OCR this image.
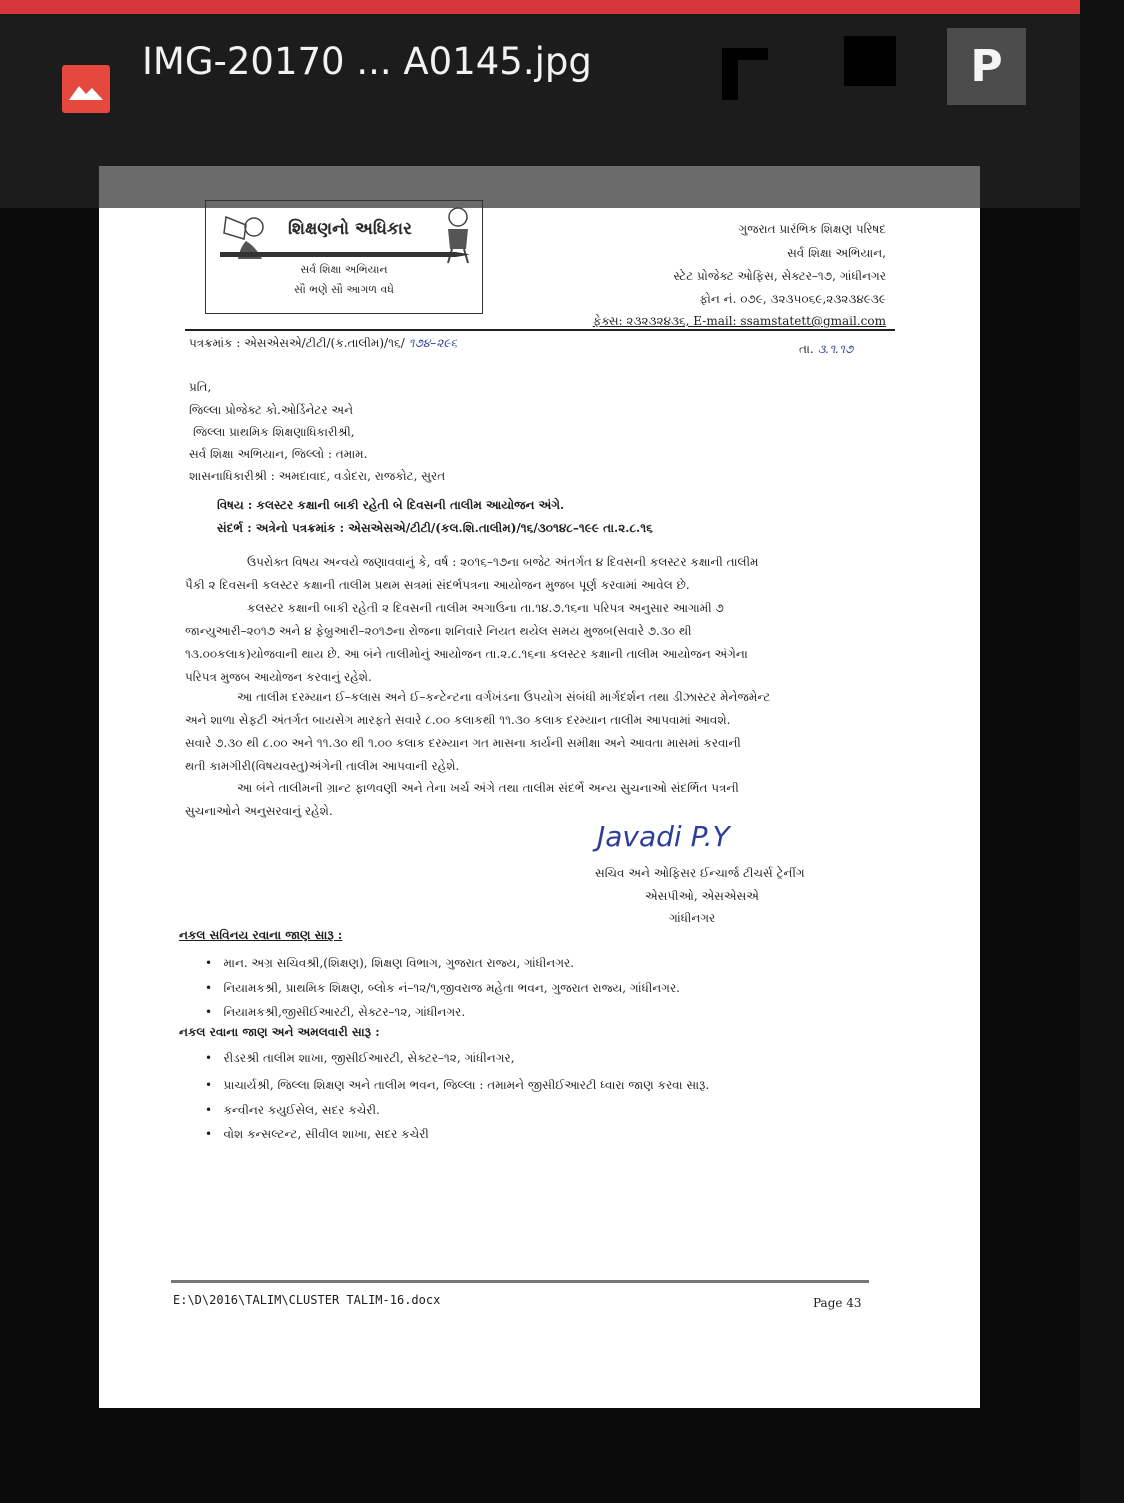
IMG-20170 ... A0145.jpg	P
શિક્ષણનો અધિકાર
સર્વ શિક્ષા અભિયાન
સૌ ભણે સૌ આગળ વધે
ગુજરાત પ્રારંભિક શિક્ષણ પરિષદ
સર્વ શિક્ષા અભિયાન,
સ્ટેટ પ્રોજેક્ટ ઓફિસ, સેક્ટર–૧૭, ગાંધીનગર
ફોન નં. ૦૭૯, ૩૨૩૫૦૬૯,૨૩૨૩૪૯૩૯
ફેક્સ: ૨૩૨૩૨૪૩૬, E-mail: ssamstatett@gmail.com
પત્રક્રમાંક : એસએસએ/ટીટી/(ક.તાલીમ)/૧૬/ ૧૭૪–૨૯૬	તા. ૩.૧.૧૭
પ્રતિ,
જિલ્લા પ્રોજેક્ટ કો.ઓર્ડિનેટર અને
જિલ્લા પ્રાથમિક શિક્ષણાધિકારીશ્રી,
સર્વ શિક્ષા અભિયાન, જિલ્લો : તમામ.
શાસનાધિકારીશ્રી : અમદાવાદ, વડોદરા, રાજકોટ, સુરત
વિષય : કલસ્ટર કક્ષાની બાકી રહેતી બે દિવસની તાલીમ આયોજન અંગે.
સંદર્ભ : અત્રેનો પત્રક્રમાંક : એસએસએ/ટીટી/(કલ.શિ.તાલીમ)/૧૬/૩૦૧૪૮–૧૯૯ તા.૨.૮.૧૬
ઉપરોક્ત વિષય અન્વયે જણાવવાનું કે, વર્ષ : ૨૦૧૬–૧૭ના બજેટ અંતર્ગત ૪ દિવસની કલસ્ટર કક્ષાની તાલીમ
પૈકી ૨ દિવસની કલસ્ટર કક્ષાની તાલીમ પ્રથમ સત્રમાં સંદર્ભપત્રના આયોજન મુજબ પૂર્ણ કરવામાં આવેલ છે.
કલસ્ટર કક્ષાની બાકી રહેતી ૨ દિવસની તાલીમ અગાઉના તા.૧૪.૭.૧૬ના પરિપત્ર અનુસાર આગામી ૭
જાન્યુઆરી–૨૦૧૭ અને ૪ ફેબ્રુઆરી–૨૦૧૭ના રોજના શનિવારે નિયત થયેલ સમય મુજબ(સવારે ૭.૩૦ થી
૧૩.૦૦કલાક)યોજવાની થાય છે. આ બંને તાલીમોનું આયોજન તા.૨.૮.૧૬ના કલસ્ટર કક્ષાની તાલીમ આયોજન અંગેના
પરિપત્ર મુજબ આયોજન કરવાનું રહેશે.
આ તાલીમ દરમ્યાન ઈ–કલાસ અને ઈ–કન્ટેન્ટના વર્ગખંડના ઉપયોગ સંબંધી માર્ગદર્શન તથા ડીઝાસ્ટર મેનેજમેન્ટ
અને શાળા સેફટી અંતર્ગત બાયસેગ મારફતે સવારે ૮.૦૦ કલાકથી ૧૧.૩૦ કલાક દરમ્યાન તાલીમ આપવામાં આવશે.
સવારે ૭.૩૦ થી ૮.૦૦ અને ૧૧.૩૦ થી ૧.૦૦ કલાક દરમ્યાન ગત માસના કાર્યની સમીક્ષા અને આવતા માસમાં કરવાની
થતી કામગીરી(વિષયવસ્તુ)અંગેની તાલીમ આપવાની રહેશે.
આ બંને તાલીમની ગ્રાન્ટ ફાળવણી અને તેના ખર્ચ અંગે તથા તાલીમ સંદર્ભે અન્ય સુચનાઓ સંદર્ભિત પત્રની
સુચનાઓને અનુસરવાનું રહેશે.
Javadi P.Y
સચિવ અને ઓફિસર ઈન્ચાર્જ ટીચર્સ ટ્રેનીંગ
એસપીઓ, એસએસએ
ગાંધીનગર
નકલ સવિનય રવાના જાણ સારૂ :
•   માન. અગ્ર સચિવશ્રી,(શિક્ષણ), શિક્ષણ વિભાગ, ગુજરાત રાજ્ય, ગાંધીનગર.
•   નિયામકશ્રી, પ્રાથમિક શિક્ષણ, બ્લોક નં–૧૨/૧,જીવરાજ મહેતા ભવન, ગુજરાત રાજ્ય, ગાંધીનગર.
•   નિયામકશ્રી,જીસીઈઆરટી, સેક્ટર–૧૨, ગાંધીનગર.
નકલ રવાના જાણ અને અમલવારી સારૂ :
•   રીડરશ્રી તાલીમ શાખા, જીસીઈઆરટી, સેક્ટર–૧૨, ગાંધીનગર,
•   પ્રાચાર્યશ્રી, જિલ્લા શિક્ષણ અને તાલીમ ભવન, જિલ્લા : તમામને જીસીઈઆરટી ધ્વારા જાણ કરવા સારૂ.
•   કન્વીનર કયુઈસેલ, સદર કચેરી.
•   વોશ કન્સલ્ટન્ટ, સીવીલ શાખા, સદર કચેરી
E:\D\2016\TALIM\CLUSTER TALIM-16.docx	Page 43
